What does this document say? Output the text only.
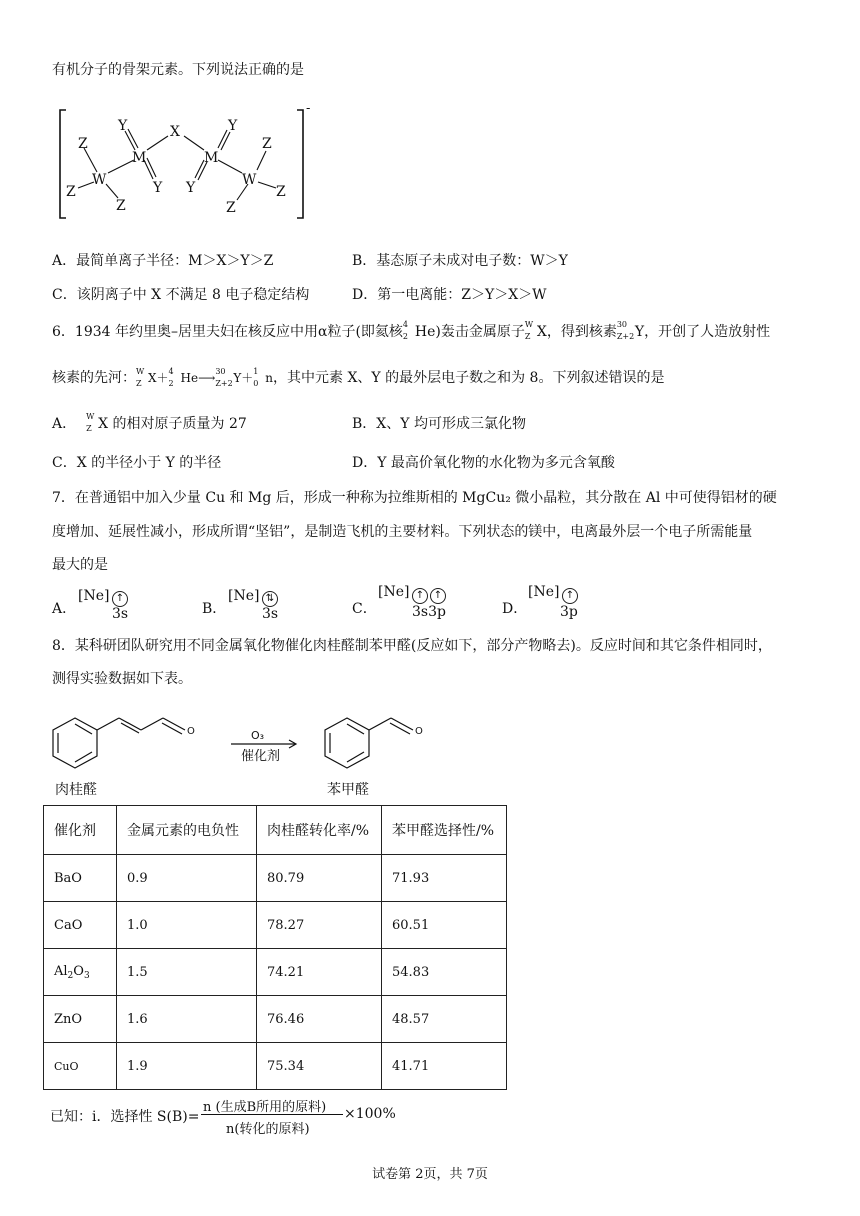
有机分子的骨架元素。下列说法正确的是
Z
W
Z
Z
Y
M
Y
X
M
Y
Y	W
Z
Z
Z
-
A．最简单离子半径：M＞X＞Y＞Z	B．基态原子未成对电子数：W＞Y
C．该阴离子中 X 不满足 8 电子稳定结构	D．第一电离能：Z＞Y＞X＞W
6．1934 年约里奥–居里夫妇在核反应中用α粒子(即氦核 4
2 He)轰击金属原子 W
Z X，得到核素 30
Z+2 Y，开创了人造放射性
核素的先河： W
Z X＋ 4
2 He⟶ 30
Z+2 Y＋ 1
0 n，其中元素 X、Y 的最外层电子数之和为 8。下列叙述错误的是
A． W
Z X 的相对原子质量为 27	B．X、Y 均可形成三氯化物
C．X 的半径小于 Y 的半径	D．Y 最高价氧化物的水化物为多元含氧酸
7．在普通铝中加入少量 Cu 和 Mg 后，形成一种称为拉维斯相的 MgCu₂ 微小晶粒，其分散在 Al 中可使得铝材的硬
度增加、延展性减小，形成所谓“坚铝”，是制造飞机的主要材料。下列状态的镁中，电离最外层一个电子所需能量
最大的是
A．
[Ne] ↑
3s	B．
[Ne] ⇅
3s	C．
[Ne] ↑ ↑
3s3p	D．
[Ne] ↑
3p
8．某科研团队研究用不同金属氧化物催化肉桂醛制苯甲醛(反应如下，部分产物略去)。反应时间和其它条件相同时，
测得实验数据如下表。
O	O
O₃
催化剂
肉桂醛	苯甲醛
催化剂	金属元素的电负性	肉桂醛转化率/%	苯甲醛选择性/%
BaO	0.9	80.79	71.93
CaO	1.0	78.27	60.51
$Al_2O_3$	1.5	74.21	54.83
ZnO	1.6	76.46	48.57
CuO	1.9	75.34	41.71
已知：i．选择性 S(B)=
n (生成B所用的原料)
n(转化的原料)
×100%
试卷第 2页，共 7页
